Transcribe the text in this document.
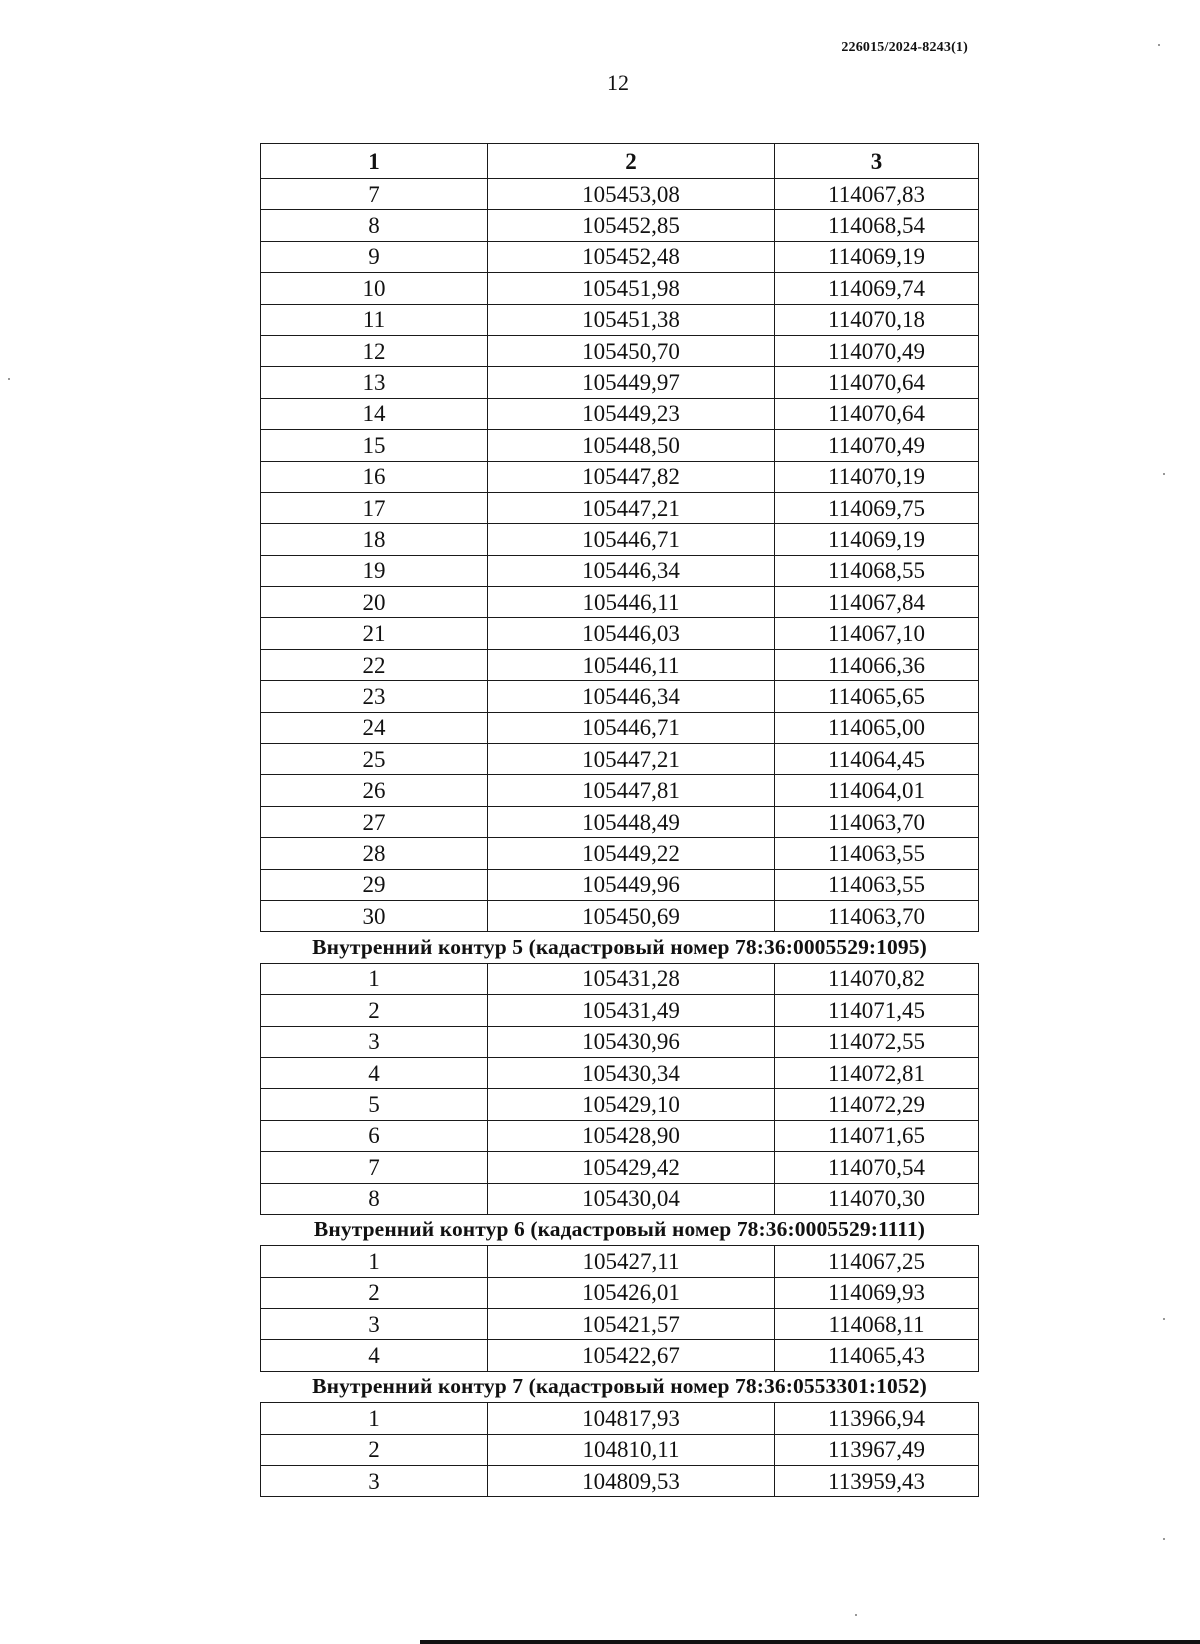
226015/2024-8243(1)
12
1	2	3
7	105453,08	114067,83
8	105452,85	114068,54
9	105452,48	114069,19
10	105451,98	114069,74
11	105451,38	114070,18
12	105450,70	114070,49
13	105449,97	114070,64
14	105449,23	114070,64
15	105448,50	114070,49
16	105447,82	114070,19
17	105447,21	114069,75
18	105446,71	114069,19
19	105446,34	114068,55
20	105446,11	114067,84
21	105446,03	114067,10
22	105446,11	114066,36
23	105446,34	114065,65
24	105446,71	114065,00
25	105447,21	114064,45
26	105447,81	114064,01
27	105448,49	114063,70
28	105449,22	114063,55
29	105449,96	114063,55
30	105450,69	114063,70
Внутренний контур 5 (кадастровый номер 78:36:0005529:1095)		
1	105431,28	114070,82
2	105431,49	114071,45
3	105430,96	114072,55
4	105430,34	114072,81
5	105429,10	114072,29
6	105428,90	114071,65
7	105429,42	114070,54
8	105430,04	114070,30
Внутренний контур 6 (кадастровый номер 78:36:0005529:1111)		
1	105427,11	114067,25
2	105426,01	114069,93
3	105421,57	114068,11
4	105422,67	114065,43
Внутренний контур 7 (кадастровый номер 78:36:0553301:1052)		
1	104817,93	113966,94
2	104810,11	113967,49
3	104809,53	113959,43
